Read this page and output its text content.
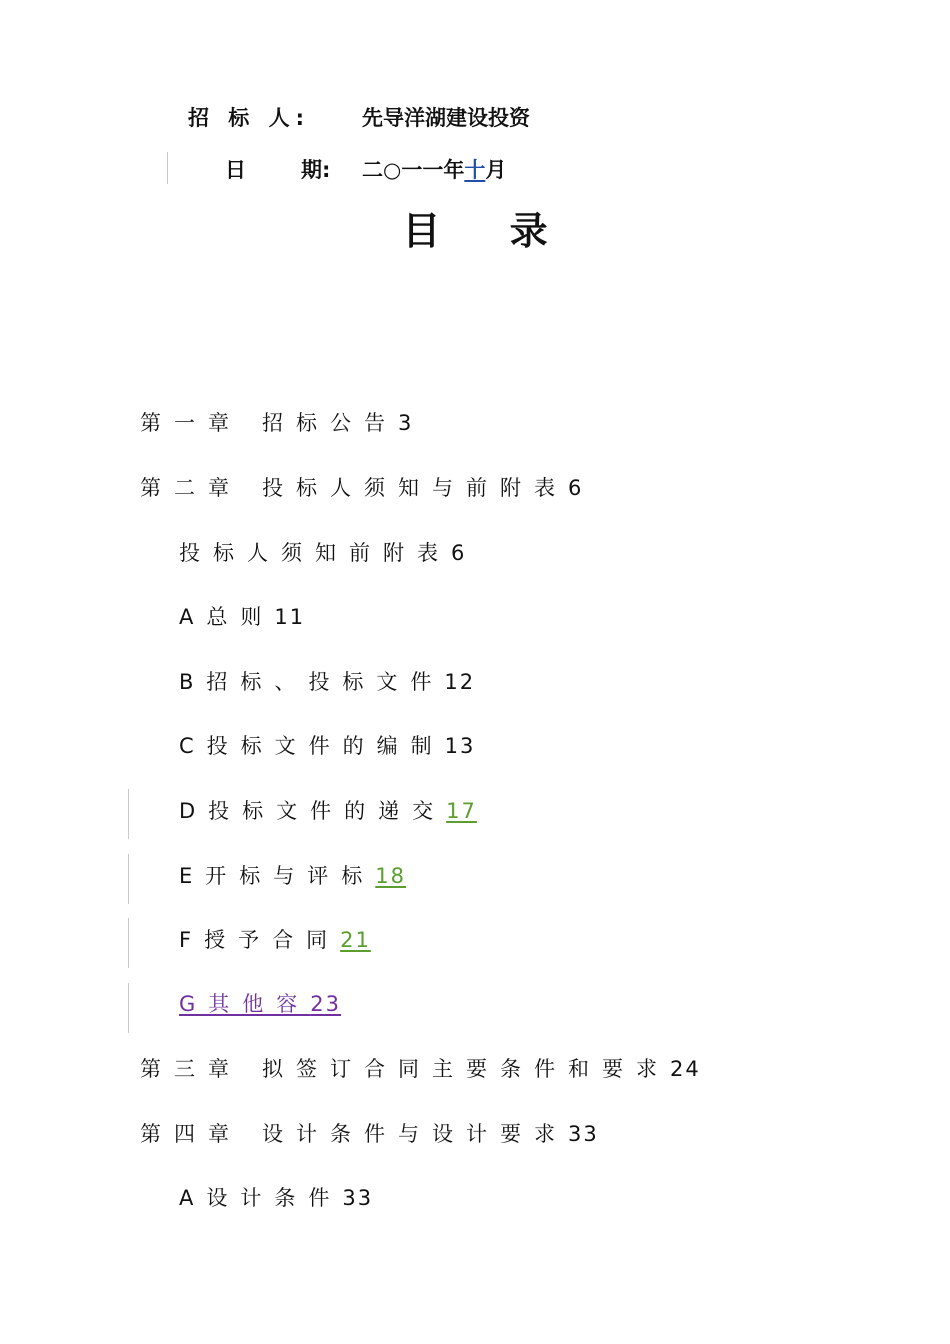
招 标 人: 先导洋湖建设投资
日	期: 二○一一年十月
目 录
第一章 招标公告3
第二章 投标人须知与前附表6
投标人须知前附表6
A总则11
B招标、投标文件12
C投标文件的编制13
D投标文件的递交17
E开标与评标18
F授予合同21
G其他容23
第三章 拟签订合同主要条件和要求24
第四章 设计条件与设计要求33
A设计条件33
